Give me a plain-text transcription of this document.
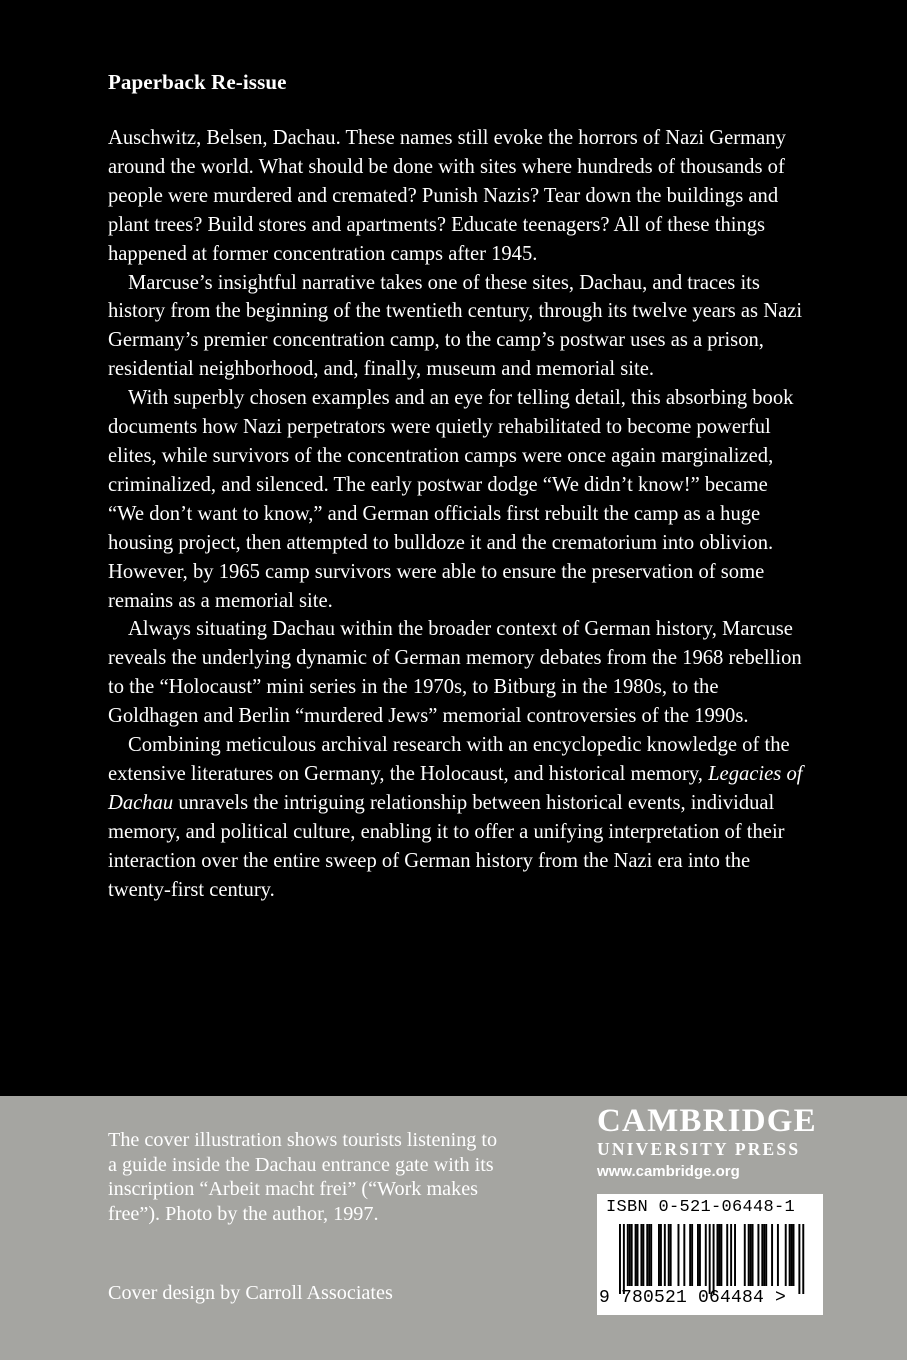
Paperback Re-issue

Auschwitz, Belsen, Dachau. These names still evoke the horrors of Nazi Germany around the world. What should be done with sites where hundreds of thousands of people were murdered and cremated? Punish Nazis? Tear down the buildings and plant trees? Build stores and apartments? Educate teenagers? All of these things happened at former concentration camps after 1945.

Marcuse’s insightful narrative takes one of these sites, Dachau, and traces its history from the beginning of the twentieth century, through its twelve years as Nazi Germany’s premier concentration camp, to the camp’s postwar uses as a prison, residential neighborhood, and, finally, museum and memorial site.

With superbly chosen examples and an eye for telling detail, this absorbing book documents how Nazi perpetrators were quietly rehabilitated to become powerful elites, while survivors of the concentration camps were once again marginalized, criminalized, and silenced. The early postwar dodge “We didn’t know!” became “We don’t want to know,” and German officials first rebuilt the camp as a huge housing project, then attempted to bulldoze it and the crematorium into oblivion. However, by 1965 camp survivors were able to ensure the preservation of some remains as a memorial site.

Always situating Dachau within the broader context of German history, Marcuse reveals the underlying dynamic of German memory debates from the 1968 rebellion to the “Holocaust” mini series in the 1970s, to Bitburg in the 1980s, to the Goldhagen and Berlin “murdered Jews” memorial controversies of the 1990s.

Combining meticulous archival research with an encyclopedic knowledge of the extensive literatures on Germany, the Holocaust, and historical memory, Legacies of Dachau unravels the intriguing relationship between historical events, individual memory, and political culture, enabling it to offer a unifying interpretation of their interaction over the entire sweep of German history from the Nazi era into the twenty-first century.

The cover illustration shows tourists listening to a guide inside the Dachau entrance gate with its inscription “Arbeit macht frei” (“Work makes free”). Photo by the author, 1997.
Cover design by Carroll Associates
CAMBRIDGE
UNIVERSITY PRESS
www.cambridge.org
ISBN 0-521-06448-1
9 780521 064484 >
